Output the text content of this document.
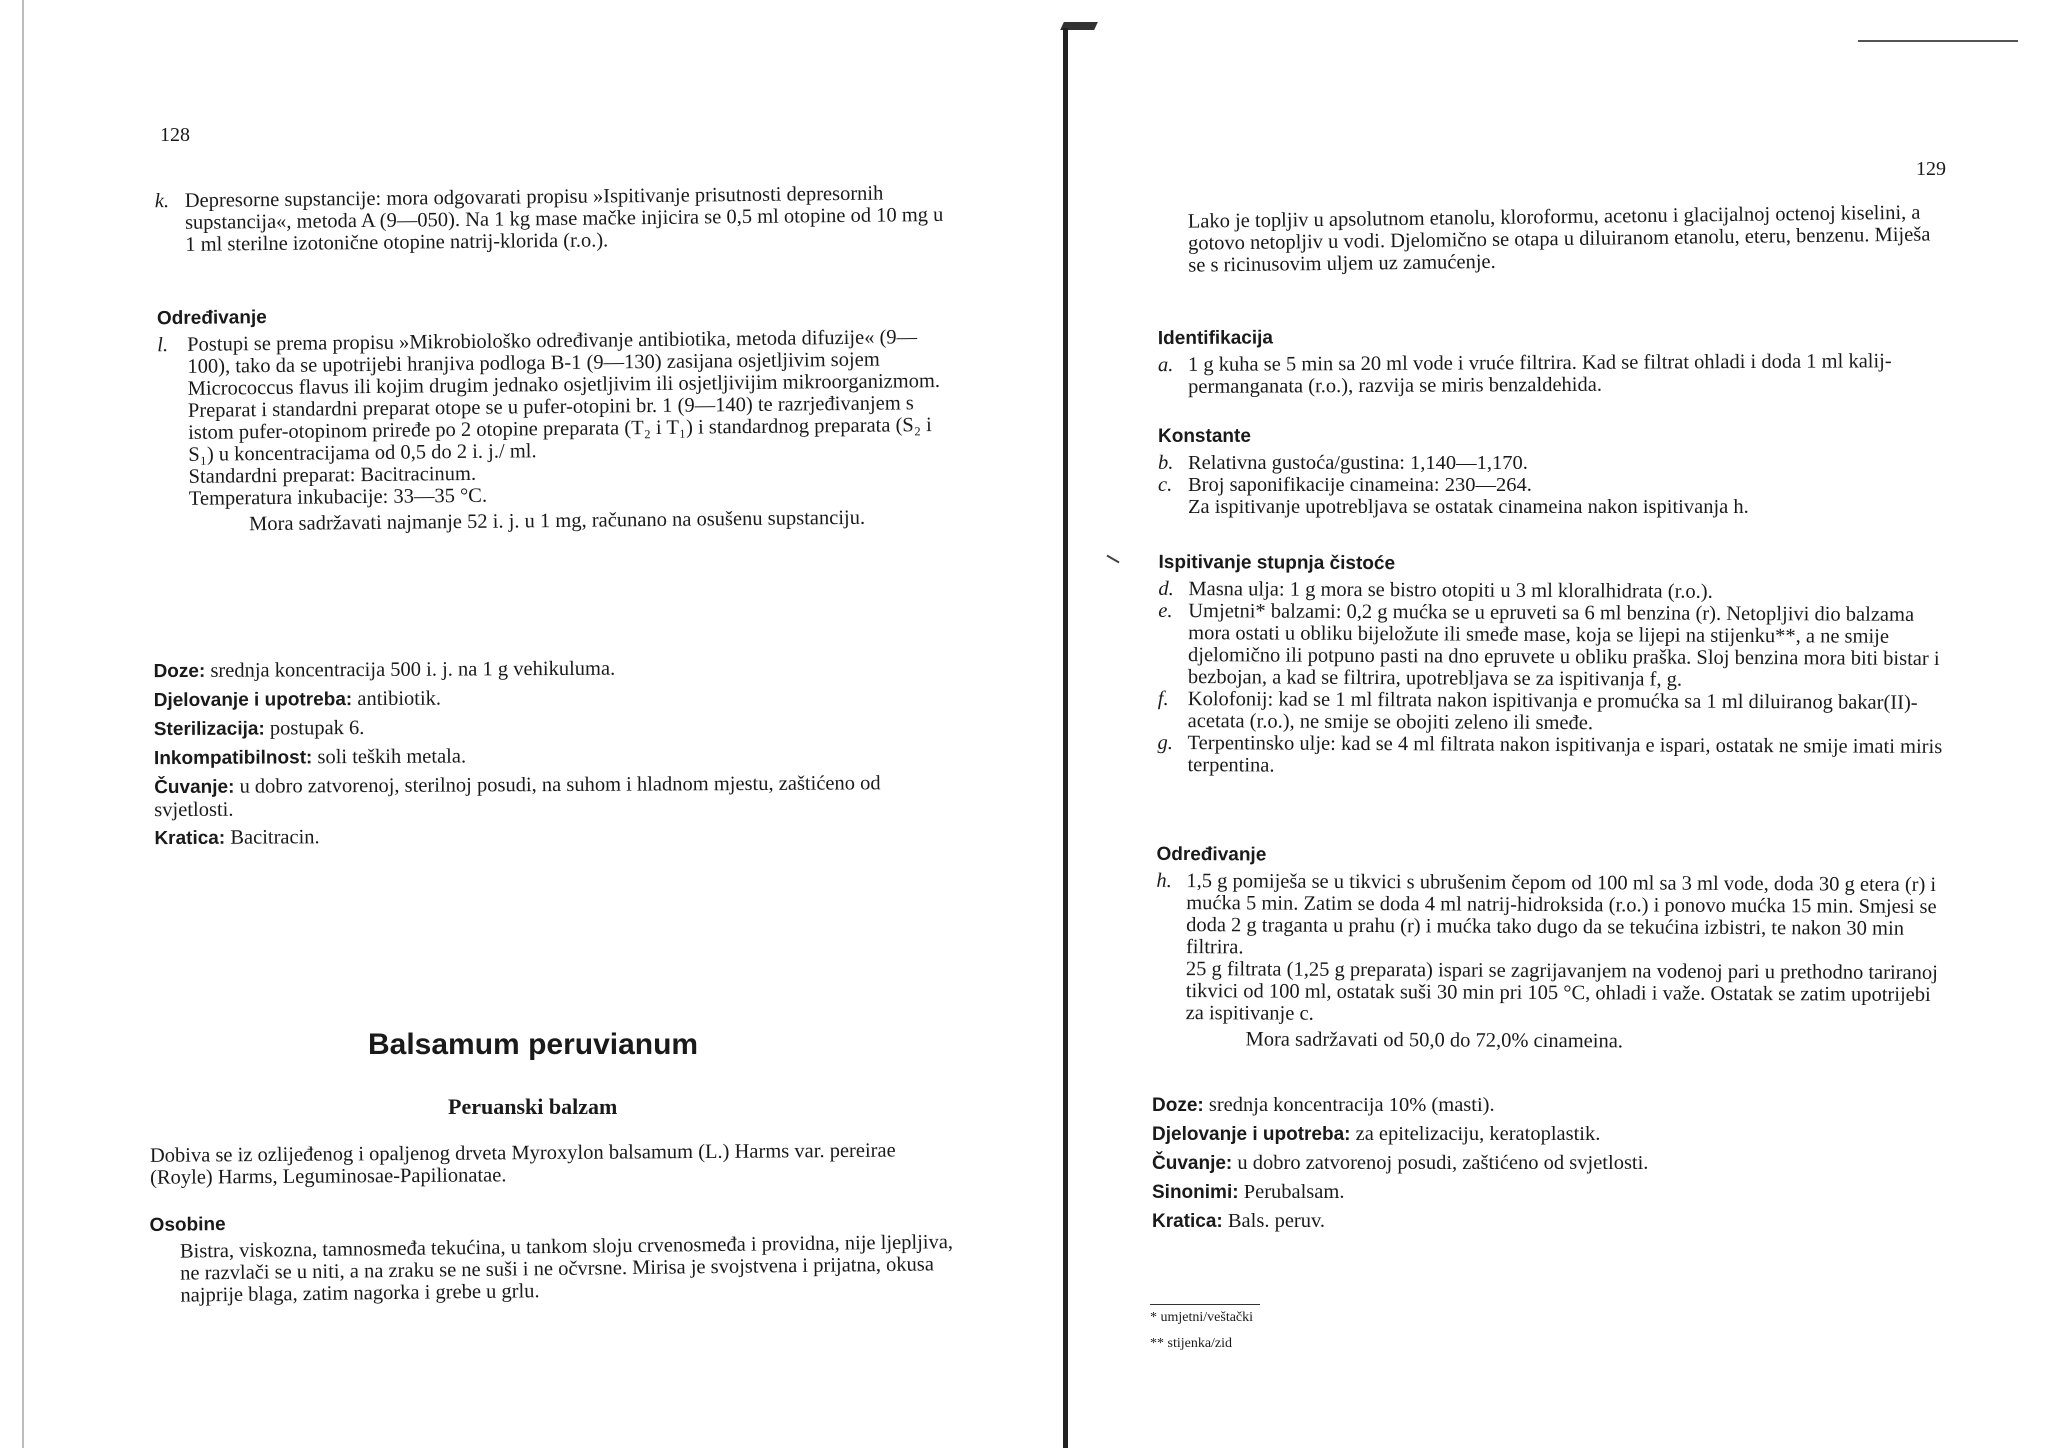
128
k. Depresorne supstancije: mora odgovarati propisu »Ispitivanje prisutnosti depresornih supstancija«, metoda A (9—050). Na 1 kg mase mačke injicira se 0,5 ml otopine od 10 mg u 1 ml sterilne izotonične otopine natrij-klorida (r.o.).

Određivanje

l. Postupi se prema propisu »Mikrobiološko određivanje antibiotika, metoda difuzije« (9—100), tako da se upotrijebi hranjiva podloga B-1 (9—130) zasijana osjetljivim sojem Micrococcus flavus ili kojim drugim jednako osjetljivim ili osjetljivijim mikroorganizmom.

Preparat i standardni preparat otope se u pufer-otopini br. 1 (9—140) te razrjeđivanjem s istom pufer-otopinom priređe po 2 otopine preparata (T₂ i T₁) i standardnog preparata (S₂ i S₁) u koncentracijama od 0,5 do 2 i. j./ ml.

Standardni preparat: Bacitracinum.

Temperatura inkubacije: 33—35 °C.

Mora sadržavati najmanje 52 i. j. u 1 mg, računano na osušenu supstanciju.

Doze: srednja koncentracija 500 i. j. na 1 g vehikuluma.

Djelovanje i upotreba: antibiotik.

Sterilizacija: postupak 6.

Inkompatibilnost: soli teških metala.

Čuvanje: u dobro zatvorenoj, sterilnoj posudi, na suhom i hladnom mjestu, zaštićeno od svjetlosti.

Kratica: Bacitracin.

Balsamum peruvianum
Peruanski balzam

Dobiva se iz ozlijeđenog i opaljenog drveta Myroxylon balsamum (L.) Harms var. pereirae (Royle) Harms, Leguminosae-Papilionatae.

Osobine

Bistra, viskozna, tamnosmeđa tekućina, u tankom sloju crvenosmeđa i providna, nije ljepljiva, ne razvlači se u niti, a na zraku se ne suši i ne očvrsne. Mirisa je svojstvena i prijatna, okusa najprije blaga, zatim nagorka i grebe u grlu.

129

Lako je topljiv u apsolutnom etanolu, kloroformu, acetonu i glacijalnoj octenoj kiselini, a gotovo netopljiv u vodi. Djelomično se otapa u diluiranom etanolu, eteru, benzenu. Miješa se s ricinusovim uljem uz zamućenje.

Identifikacija

a. 1 g kuha se 5 min sa 20 ml vode i vruće filtrira. Kad se filtrat ohladi i doda 1 ml kalij-permanganata (r.o.), razvija se miris benzaldehida.

Konstante

b. Relativna gustoća/gustina: 1,140—1,170.

c. Broj saponifikacije cinameina: 230—264.

Za ispitivanje upotrebljava se ostatak cinameina nakon ispitivanja h.

Ispitivanje stupnja čistoće

d. Masna ulja: 1 g mora se bistro otopiti u 3 ml kloralhidrata (r.o.).

e. Umjetni* balzami: 0,2 g mućka se u epruveti sa 6 ml benzina (r). Netopljivi dio balzama mora ostati u obliku bijeložute ili smeđe mase, koja se lijepi na stijenku**, a ne smije djelomično ili potpuno pasti na dno epruvete u obliku praška. Sloj benzina mora biti bistar i bezbojan, a kad se filtrira, upotrebljava se za ispitivanja f, g.

f. Kolofonij: kad se 1 ml filtrata nakon ispitivanja e promućka sa 1 ml diluiranog bakar(II)-acetata (r.o.), ne smije se obojiti zeleno ili smeđe.

g. Terpentinsko ulje: kad se 4 ml filtrata nakon ispitivanja e ispari, ostatak ne smije imati miris terpentina.

Određivanje

h. 1,5 g pomiješa se u tikvici s ubrušenim čepom od 100 ml sa 3 ml vode, doda 30 g etera (r) i mućka 5 min. Zatim se doda 4 ml natrij-hidroksida (r.o.) i ponovo mućka 15 min. Smjesi se doda 2 g traganta u prahu (r) i mućka tako dugo da se tekućina izbistri, te nakon 30 min filtrira.

25 g filtrata (1,25 g preparata) ispari se zagrijavanjem na vodenoj pari u prethodno tariranoj tikvici od 100 ml, ostatak suši 30 min pri 105 °C, ohladi i važe. Ostatak se zatim upotrijebi za ispitivanje c.

Mora sadržavati od 50,0 do 72,0% cinameina.

Doze: srednja koncentracija 10% (masti).

Djelovanje i upotreba: za epitelizaciju, keratoplastik.

Čuvanje: u dobro zatvorenoj posudi, zaštićeno od svjetlosti.

Sinonimi: Perubalsam.

Kratica: Bals. peruv.

* umjetni/veštački
** stijenka/zid
